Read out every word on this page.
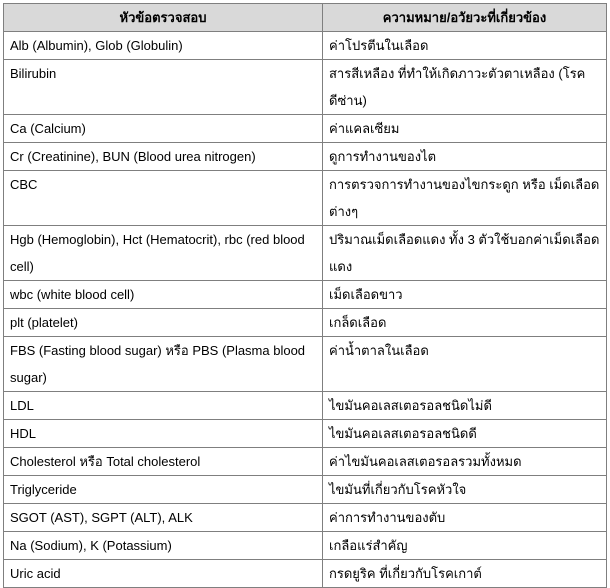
หัวข้อตรวจสอบ	ความหมาย/อวัยวะที่เกี่ยวข้อง
Alb (Albumin), Glob (Globulin)	ค่าโปรตีนในเลือด
Bilirubin	สารสีเหลือง ที่ทำให้เกิดภาวะตัวตาเหลือง (โรคดีซ่าน)
Ca (Calcium)	ค่าแคลเซียม
Cr (Creatinine), BUN (Blood urea nitrogen)	ดูการทำงานของไต
CBC	การตรวจการทำงานของไขกระดูก หรือ เม็ดเลือดต่างๆ
Hgb (Hemoglobin), Hct (Hematocrit), rbc (red blood cell)	ปริมาณเม็ดเลือดแดง ทั้ง 3 ตัวใช้บอกค่าเม็ดเลือดแดง
wbc (white blood cell)	เม็ดเลือดขาว
plt (platelet)	เกล็ดเลือด
FBS (Fasting blood sugar) หรือ PBS (Plasma blood sugar)	ค่าน้ำตาลในเลือด
LDL	ไขมันคอเลสเตอรอลชนิดไม่ดี
HDL	ไขมันคอเลสเตอรอลชนิดดี
Cholesterol หรือ Total cholesterol	ค่าไขมันคอเลสเตอรอลรวมทั้งหมด
Triglyceride	ไขมันที่เกี่ยวกับโรคหัวใจ
SGOT (AST), SGPT (ALT), ALK	ค่าการทำงานของตับ
Na (Sodium), K (Potassium)	เกลือแร่สำคัญ
Uric acid	กรดยูริค ที่เกี่ยวกับโรคเกาต์
